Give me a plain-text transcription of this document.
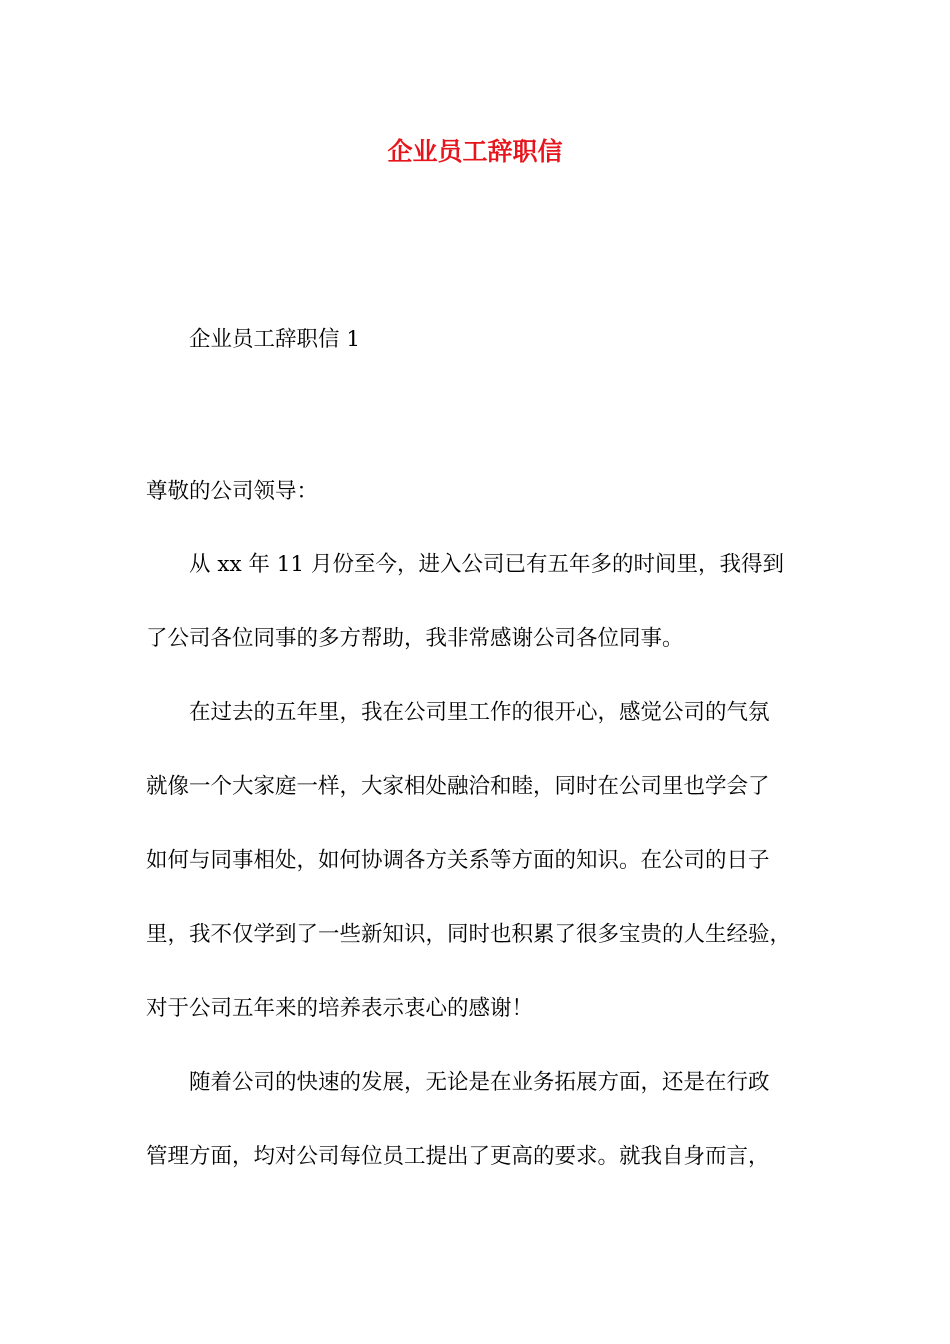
企业员工辞职信
企业员工辞职信 1
尊敬的公司领导：
从 xx 年 11 月份至今，进入公司已有五年多的时间里，我得到
了公司各位同事的多方帮助，我非常感谢公司各位同事。
在过去的五年里，我在公司里工作的很开心，感觉公司的气氛
就像一个大家庭一样，大家相处融洽和睦，同时在公司里也学会了
如何与同事相处，如何协调各方关系等方面的知识。在公司的日子
里，我不仅学到了一些新知识，同时也积累了很多宝贵的人生经验，
对于公司五年来的培养表示衷心的感谢！
随着公司的快速的发展，无论是在业务拓展方面，还是在行政
管理方面，均对公司每位员工提出了更高的要求。就我自身而言，
